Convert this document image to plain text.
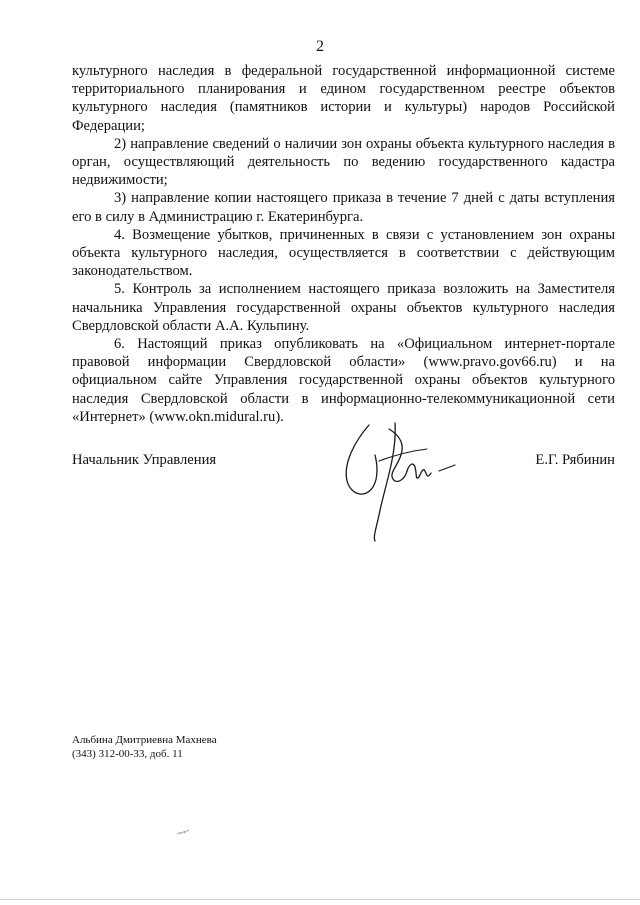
2

культурного наследия в федеральной государственной информационной системе территориального планирования и едином государственном реестре объектов культурного наследия (памятников истории и культуры) народов Российской Федерации;

2) направление сведений о наличии зон охраны объекта культурного наследия в орган, осуществляющий деятельность по ведению государственного кадастра недвижимости;

3) направление копии настоящего приказа в течение 7 дней с даты вступления его в силу в Администрацию г. Екатеринбурга.

4. Возмещение убытков, причиненных в связи с установлением зон охраны объекта культурного наследия, осуществляется в соответствии с действующим законодательством.

5. Контроль за исполнением настоящего приказа возложить на Заместителя начальника Управления государственной охраны объектов культурного наследия Свердловской области А.А. Кульпину.

6. Настоящий приказ опубликовать на «Официальном интернет-портале правовой информации Свердловской области» (www.pravo.gov66.ru) и на официальном сайте Управления государственной охраны объектов культурного наследия Свердловской области в информационно-телекоммуникационной сети «Интернет» (www.okn.midural.ru).

Начальник Управления	Е.Г. Рябинин
Альбина Дмитриевна Махнева
(343) 312-00-33, доб. 11
